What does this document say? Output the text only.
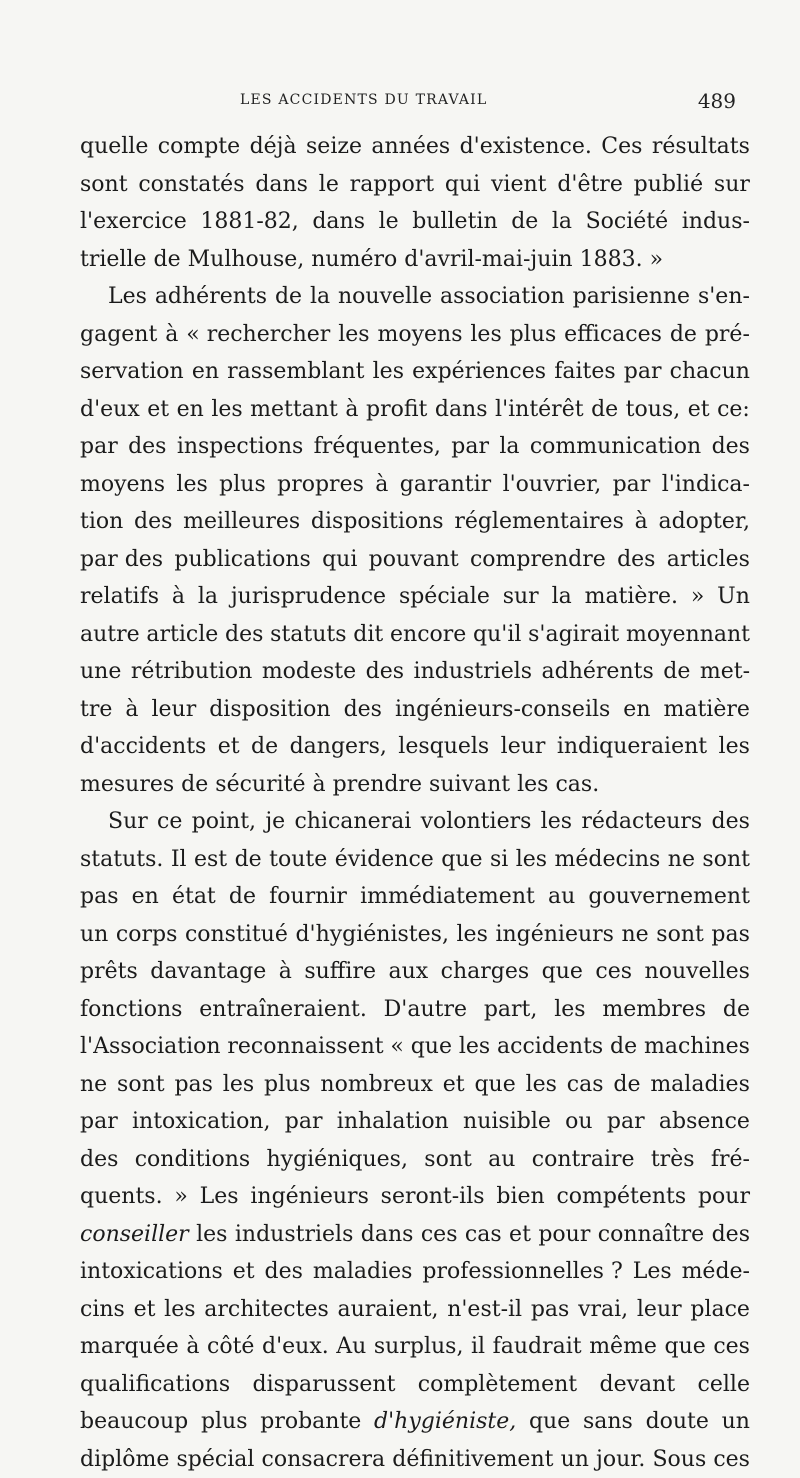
LES ACCIDENTS DU TRAVAIL	489
quelle compte déjà seize années d'existence. Ces résultats
sont constatés dans le rapport qui vient d'être publié sur
l'exercice 1881-82, dans le bulletin de la Société indus-
trielle de Mulhouse, numéro d'avril-mai-juin 1883. »
Les adhérents de la nouvelle association parisienne s'en-
gagent à « rechercher les moyens les plus efficaces de pré-
servation en rassemblant les expériences faites par chacun
d'eux et en les mettant à profit dans l'intérêt de tous, et ce:
par des inspections fréquentes, par la communication des
moyens les plus propres à garantir l'ouvrier, par l'indica-
tion des meilleures dispositions réglementaires à adopter,
par des publications qui pouvant comprendre des articles
relatifs à la jurisprudence spéciale sur la matière. » Un
autre article des statuts dit encore qu'il s'agirait moyennant
une rétribution modeste des industriels adhérents de met-
tre à leur disposition des ingénieurs-conseils en matière
d'accidents et de dangers, lesquels leur indiqueraient les
mesures de sécurité à prendre suivant les cas.
Sur ce point, je chicanerai volontiers les rédacteurs des
statuts. Il est de toute évidence que si les médecins ne sont
pas en état de fournir immédiatement au gouvernement
un corps constitué d'hygiénistes, les ingénieurs ne sont pas
prêts davantage à suffire aux charges que ces nouvelles
fonctions entraîneraient. D'autre part, les membres de
l'Association reconnaissent « que les accidents de machines
ne sont pas les plus nombreux et que les cas de maladies
par intoxication, par inhalation nuisible ou par absence
des conditions hygiéniques, sont au contraire très fré-
quents. » Les ingénieurs seront-ils bien compétents pour
conseiller les industriels dans ces cas et pour connaître des
intoxications et des maladies professionnelles ? Les méde-
cins et les architectes auraient, n'est-il pas vrai, leur place
marquée à côté d'eux. Au surplus, il faudrait même que ces
qualifications disparussent complètement devant celle
beaucoup plus probante d'hygiéniste, que sans doute un
diplôme spécial consacrera définitivement un jour. Sous ces
